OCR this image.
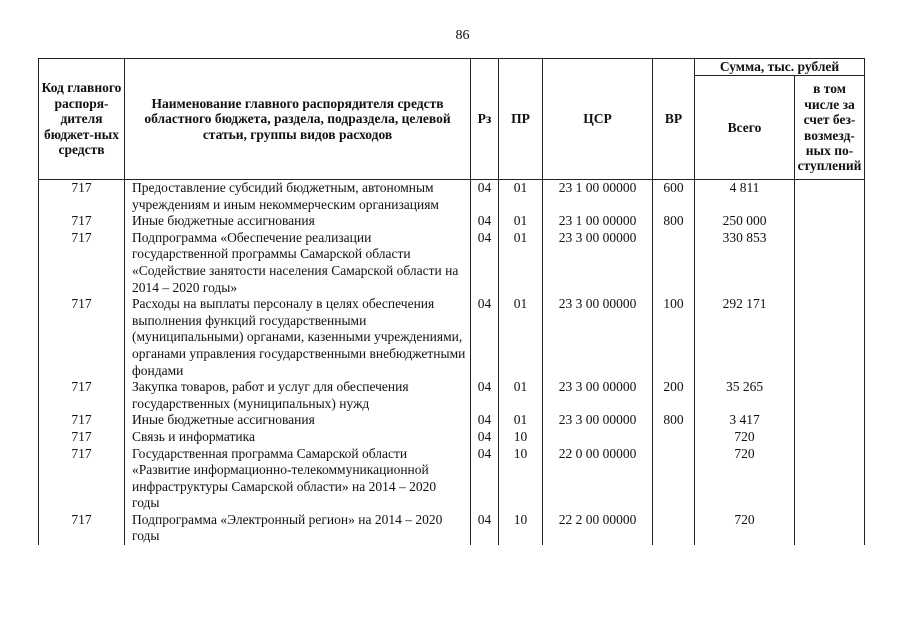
86
Код главного распоря-дителя бюджет-ных средств	Наименование главного распорядителя средств областного бюджета, раздела, подраздела, целевой статьи, группы видов расходов	Рз	ПР	ЦСР	ВР	Сумма, тыс. рублей	
						Всего	в том числе за счет без-возмезд-ных по-ступлений
717	Предоставление субсидий бюджетным, автономным учреждениям и иным некоммерческим организациям	04	01	23 1 00 00000	600	4 811	
717	Иные бюджетные ассигнования	04	01	23 1 00 00000	800	250 000	
717	Подпрограмма «Обеспечение реализации государственной программы Самарской области «Содействие занятости населения Самарской области на 2014 – 2020 годы»	04	01	23 3 00 00000		330 853	
717	Расходы на выплаты персоналу в целях обеспечения выполнения функций государственными (муниципальными) органами, казенными учреждениями, органами управления государственными внебюджетными фондами	04	01	23 3 00 00000	100	292 171	
717	Закупка товаров, работ и услуг для обеспечения государственных (муниципальных) нужд	04	01	23 3 00 00000	200	35 265	
717	Иные бюджетные ассигнования	04	01	23 3 00 00000	800	3 417	
717	Связь и информатика	04	10			720	
717	Государственная программа Самарской области «Развитие информационно-телекоммуникационной инфраструктуры Самарской области» на 2014 – 2020 годы	04	10	22 0 00 00000		720	
717	Подпрограмма «Электронный регион» на 2014 – 2020 годы	04	10	22 2 00 00000		720	
